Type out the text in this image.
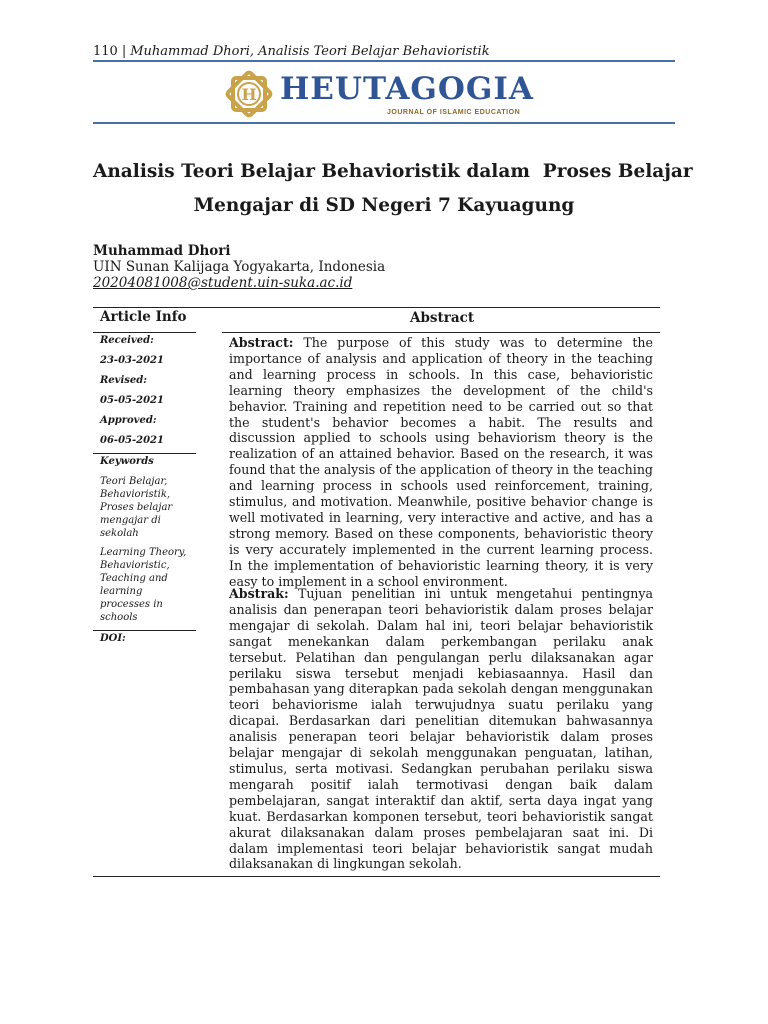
110 | Muhammad Dhori, Analisis Teori Belajar Behavioristik
H HEUTAGOGIA
JOURNAL OF ISLAMIC EDUCATION
Analisis Teori Belajar Behavioristik dalam  Proses Belajar
Mengajar di SD Negeri 7 Kayuagung
Muhammad Dhori
UIN Sunan Kalijaga Yogyakarta, Indonesia
20204081008@student.uin-suka.ac.id
Article Info	Abstract
Received:
23-03-2021
Revised:
05-05-2021
Approved:
06-05-2021
Keywords
Teori Belajar,
Behavioristik,
Proses belajar
mengajar di
sekolah
Learning Theory,
Behavioristic,
Teaching and
learning
processes in
schools
DOI:
Abstract: The purpose of this study was to determine the importance of analysis and application of theory in the teaching and learning process in schools. In this case, behavioristic learning theory emphasizes the development of the child's behavior. Training and repetition need to be carried out so that the student's behavior becomes a habit. The results and discussion applied to schools using behaviorism theory is the realization of an attained behavior. Based on the research, it was found that the analysis of the application of theory in the teaching and learning process in schools used reinforcement, training, stimulus, and motivation. Meanwhile, positive behavior change is well motivated in learning, very interactive and active, and has a strong memory. Based on these components, behavioristic theory is very accurately implemented in the current learning process. In the implementation of behavioristic learning theory, it is very easy to implement in a school environment.
Abstrak: Tujuan penelitian ini untuk mengetahui pentingnya analisis dan penerapan teori behavioristik dalam proses belajar mengajar di sekolah. Dalam hal ini, teori belajar behavioristik sangat menekankan dalam perkembangan perilaku anak tersebut. Pelatihan dan pengulangan perlu dilaksanakan agar perilaku siswa tersebut menjadi kebiasaannya. Hasil dan pembahasan yang diterapkan pada sekolah dengan menggunakan teori behaviorisme ialah terwujudnya suatu perilaku yang dicapai. Berdasarkan dari penelitian ditemukan bahwasannya analisis penerapan teori belajar behavioristik dalam proses belajar mengajar di sekolah menggunakan penguatan, latihan, stimulus, serta motivasi. Sedangkan perubahan perilaku siswa mengarah positif ialah termotivasi dengan baik dalam pembelajaran, sangat interaktif dan aktif, serta daya ingat yang kuat. Berdasarkan komponen tersebut, teori behavioristik sangat akurat dilaksanakan dalam proses pembelajaran saat ini. Di dalam implementasi teori belajar behavioristik sangat mudah dilaksanakan di lingkungan sekolah.
